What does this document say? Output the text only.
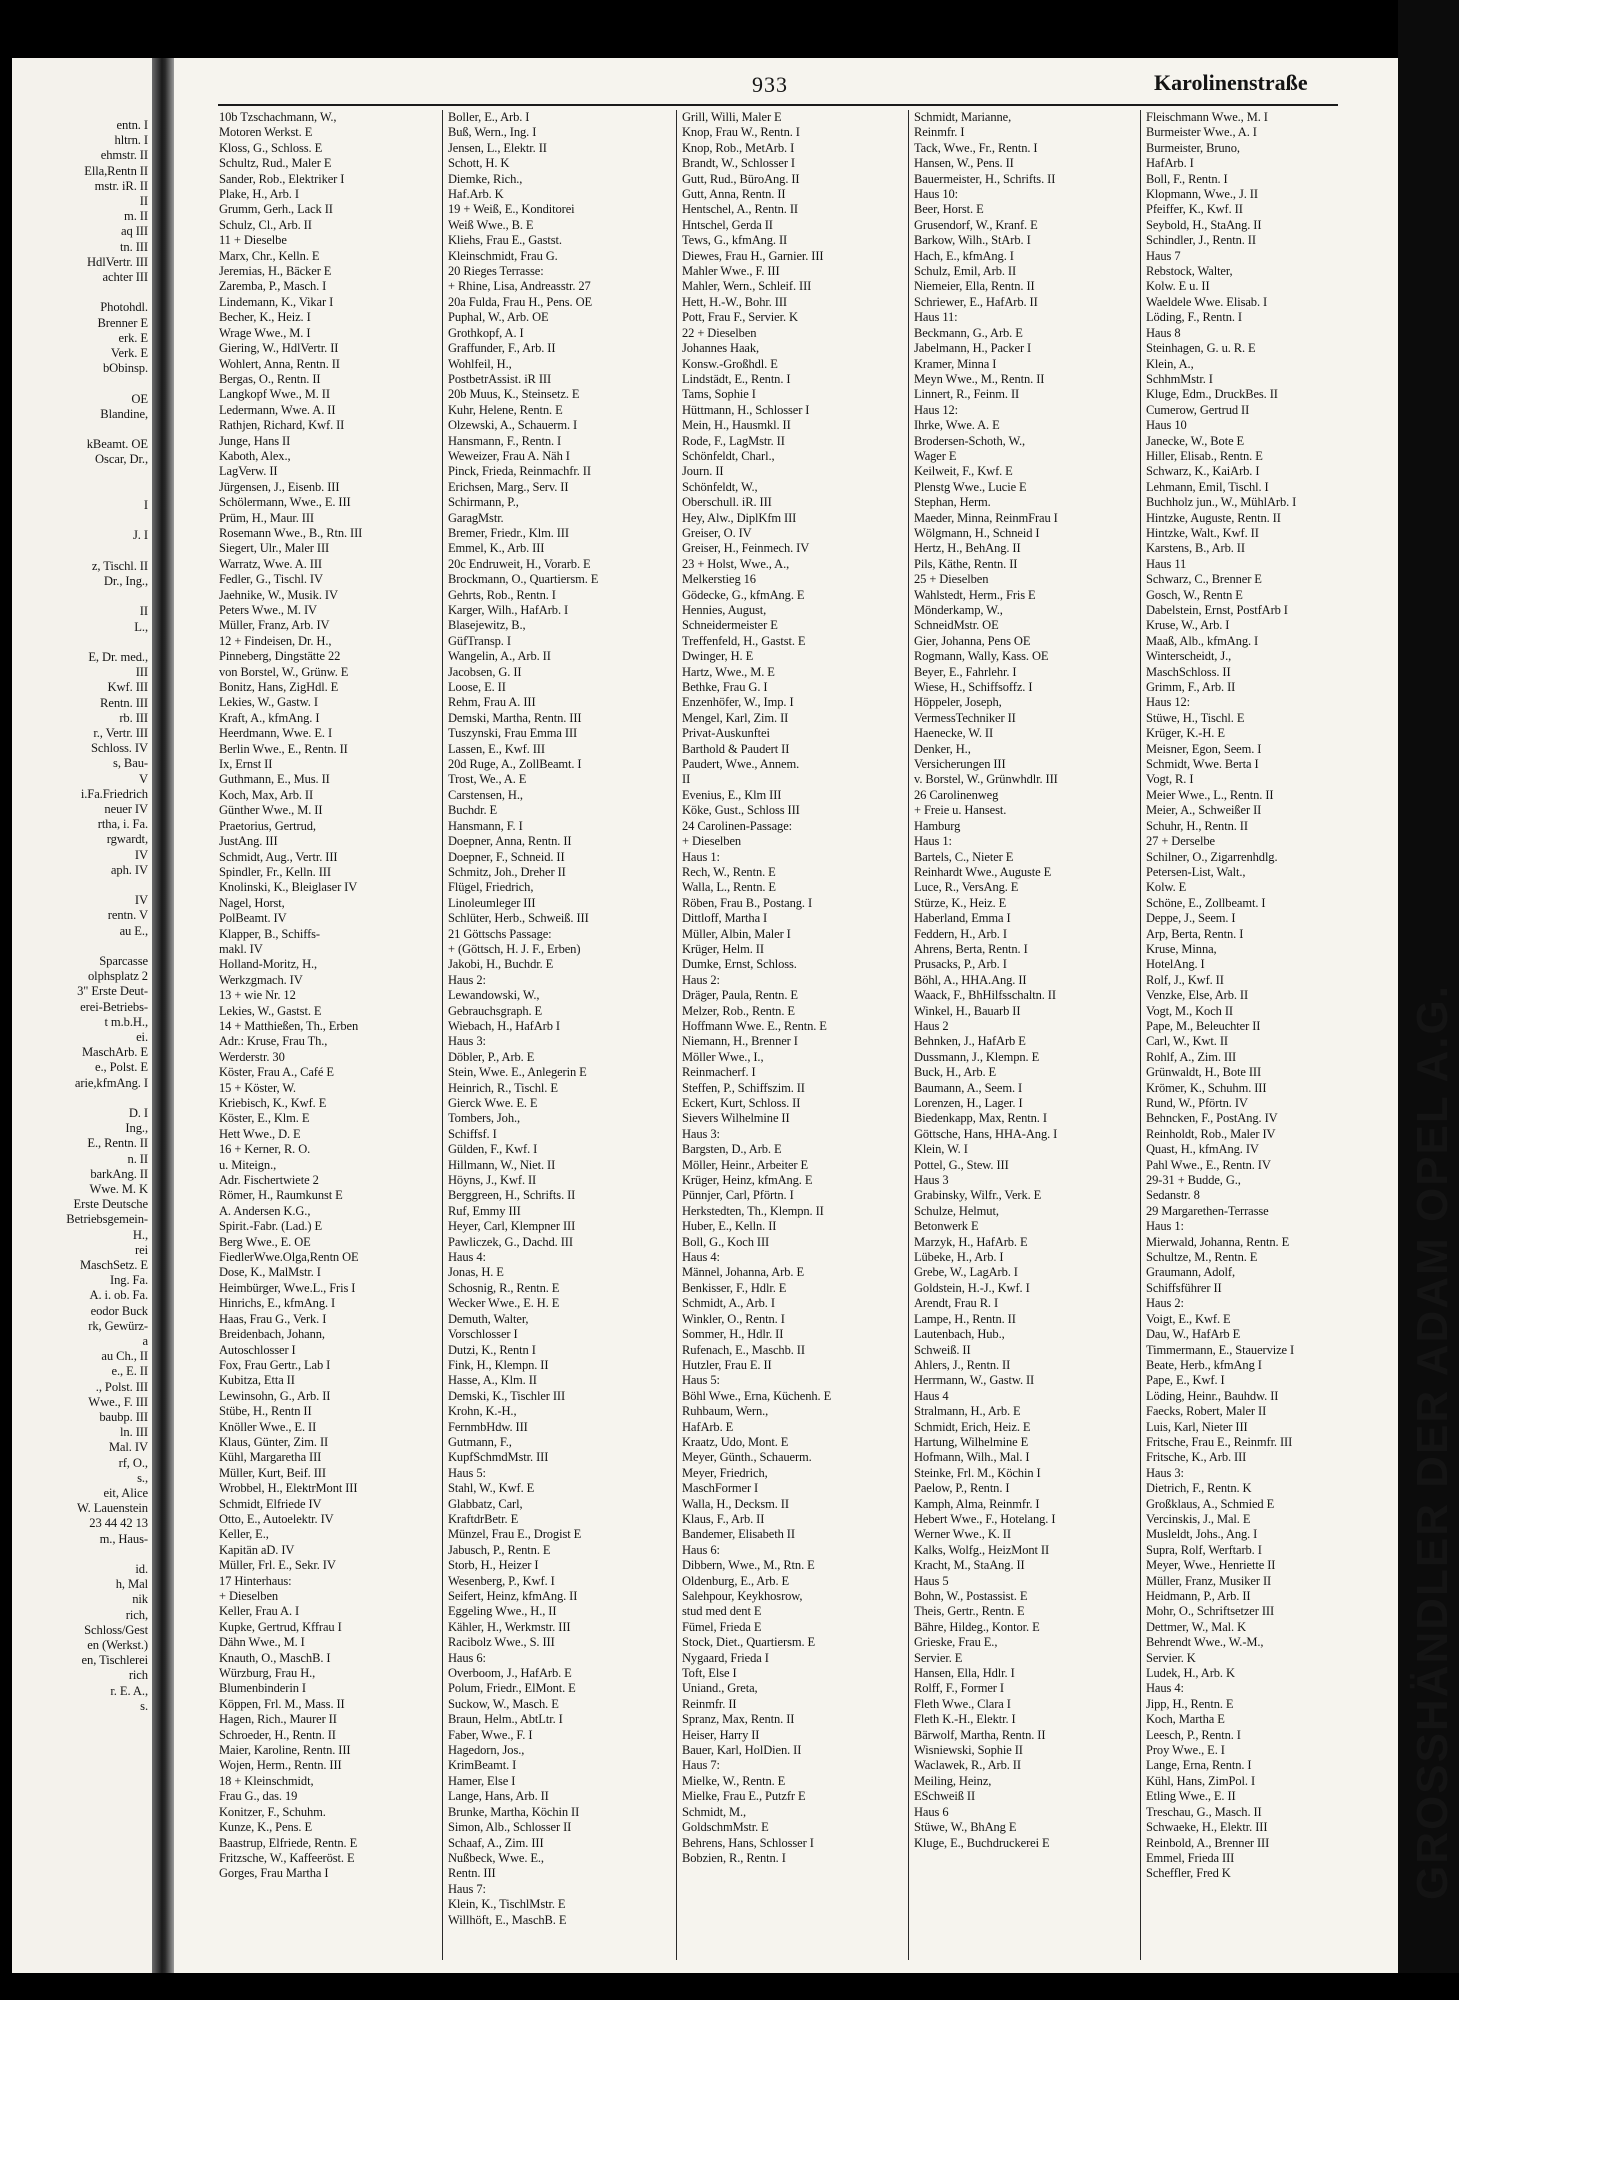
entn. I
hltrn. I
ehmstr. II
Ella,Rentn II
mstr. iR. II
II
m. II
aq III
tn. III
HdlVertr. III
achter III
Photohdl.
Brenner E
erk. E
Verk. E
bObinsp.
OE
Blandine,
kBeamt. OE
Oscar, Dr.,
I
J. I
z, Tischl. II
Dr., Ing.,
II
L.,
E, Dr. med.,
III
Kwf. III
Rentn. III
rb. III
r., Vertr. III
Schloss. IV
s, Bau-
V
i.Fa.Friedrich
neuer IV
rtha, i. Fa.
rgwardt,
IV
aph. IV
IV
rentn. V
au E.,
Sparcasse
olphsplatz 2
3" Erste Deut-
erei-Betriebs-
t m.b.H.,
ei.
MaschArb. E
e., Polst. E
arie,kfmAng. I
D. I
Ing.,
E., Rentn. II
n. II
barkAng. II
Wwe. M. K
Erste Deutsche
Betriebsgemein-
H.,
rei
MaschSetz. E
Ing. Fa.
A. i. ob. Fa.
eodor Buck
rk, Gewürz-
a
au Ch., II
e., E. II
., Polst. III
Wwe., F. III
baubp. III
ln. III
Mal. IV
rf, O.,
s.,
eit, Alice
W. Lauenstein
23 44 42 13
m., Haus-
id.
h, Mal
nik
rich,
Schloss/Gest
en (Werkst.)
en, Tischlerei
rich
r. E. A.,
s.
933	Karolinenstraße
10b Tzschachmann, W.,
Motoren Werkst. E
Kloss, G., Schloss. E
Schultz, Rud., Maler E
Sander, Rob., Elektriker I
Plake, H., Arb. I
Grumm, Gerh., Lack II
Schulz, Cl., Arb. II
11 + Dieselbe
Marx, Chr., Kelln. E
Jeremias, H., Bäcker E
Zaremba, P., Masch. I
Lindemann, K., Vikar I
Becher, K., Heiz. I
Wrage Wwe., M. I
Giering, W., HdlVertr. II
Wohlert, Anna, Rentn. II
Bergas, O., Rentn. II
Langkopf Wwe., M. II
Ledermann, Wwe. A. II
Rathjen, Richard, Kwf. II
Junge, Hans II
Kaboth, Alex.,
LagVerw. II
Jürgensen, J., Eisenb. III
Schölermann, Wwe., E. III
Prüm, H., Maur. III
Rosemann Wwe., B., Rtn. III
Siegert, Ulr., Maler III
Warratz, Wwe. A. III
Fedler, G., Tischl. IV
Jaehnike, W., Musik. IV
Peters Wwe., M. IV
Müller, Franz, Arb. IV
12 + Findeisen, Dr. H.,
Pinneberg, Dingstätte 22
von Borstel, W., Grünw. E
Bonitz, Hans, ZigHdl. E
Lekies, W., Gastw. I
Kraft, A., kfmAng. I
Heerdmann, Wwe. E. I
Berlin Wwe., E., Rentn. II
Ix, Ernst II
Guthmann, E., Mus. II
Koch, Max, Arb. II
Günther Wwe., M. II
Praetorius, Gertrud,
JustAng. III
Schmidt, Aug., Vertr. III
Spindler, Fr., Kelln. III
Knolinski, K., Bleiglaser IV
Nagel, Horst,
PolBeamt. IV
Klapper, B., Schiffs-
makl. IV
Holland-Moritz, H.,
Werkzgmach. IV
13 + wie Nr. 12
Lekies, W., Gastst. E
14 + Matthießen, Th., Erben
Adr.: Kruse, Frau Th.,
Werderstr. 30
Köster, Frau A., Café E
15 + Köster, W.
Kriebisch, K., Kwf. E
Köster, E., Klm. E
Hett Wwe., D. E
16 + Kerner, R. O.
u. Miteign.,
Adr. Fischertwiete 2
Römer, H., Raumkunst E
A. Andersen K.G.,
Spirit.-Fabr. (Lad.) E
Berg Wwe., E. OE
FiedlerWwe.Olga,Rentn OE
Dose, K., MalMstr. I
Heimbürger, Wwe.L., Fris I
Hinrichs, E., kfmAng. I
Haas, Frau G., Verk. I
Breidenbach, Johann,
Autoschlosser I
Fox, Frau Gertr., Lab I
Kubitza, Etta II
Lewinsohn, G., Arb. II
Stübe, H., Rentn II
Knöller Wwe., E. II
Klaus, Günter, Zim. II
Kühl, Margaretha III
Müller, Kurt, Beif. III
Wrobbel, H., ElektrMont III
Schmidt, Elfriede IV
Otto, E., Autoelektr. IV
Keller, E.,
Kapitän aD. IV
Müller, Frl. E., Sekr. IV
17 Hinterhaus:
+ Dieselben
Keller, Frau A. I
Kupke, Gertrud, Kffrau I
Dähn Wwe., M. I
Knauth, O., MaschB. I
Würzburg, Frau H.,
Blumenbinderin I
Köppen, Frl. M., Mass. II
Hagen, Rich., Maurer II
Schroeder, H., Rentn. II
Maier, Karoline, Rentn. III
Wojen, Herm., Rentn. III
18 + Kleinschmidt,
Frau G., das. 19
Konitzer, F., Schuhm.
Kunze, K., Pens. E
Baastrup, Elfriede, Rentn. E
Fritzsche, W., Kaffeeröst. E
Gorges, Frau Martha I
Boller, E., Arb. I
Buß, Wern., Ing. I
Jensen, L., Elektr. II
Schott, H. K
Diemke, Rich.,
Haf.Arb. K
19 + Weiß, E., Konditorei
Weiß Wwe., B. E
Kliehs, Frau E., Gastst.
Kleinschmidt, Frau G.
20 Rieges Terrasse:
+ Rhine, Lisa, Andreasstr. 27
20a Fulda, Frau H., Pens. OE
Puphal, W., Arb. OE
Grothkopf, A. I
Graffunder, F., Arb. II
Wohlfeil, H.,
PostbetrAssist. iR III
20b Muus, K., Steinsetz. E
Kuhr, Helene, Rentn. E
Olzewski, A., Schauerm. I
Hansmann, F., Rentn. I
Weweizer, Frau A. Näh I
Pinck, Frieda, Reinmachfr. II
Erichsen, Marg., Serv. II
Schirmann, P.,
GaragMstr.
Bremer, Friedr., Klm. III
Emmel, K., Arb. III
20c Endruweit, H., Vorarb. E
Brockmann, O., Quartiersm. E
Gehrts, Rob., Rentn. I
Karger, Wilh., HafArb. I
Blasejewitz, B.,
GüfTransp. I
Wangelin, A., Arb. II
Jacobsen, G. II
Loose, E. II
Rehm, Frau A. III
Demski, Martha, Rentn. III
Tuszynski, Frau Emma III
Lassen, E., Kwf. III
20d Ruge, A., ZollBeamt. I
Trost, We., A. E
Carstensen, H.,
Buchdr. E
Hansmann, F. I
Doepner, Anna, Rentn. II
Doepner, F., Schneid. II
Schmitz, Joh., Dreher II
Flügel, Friedrich,
Linoleumleger III
Schlüter, Herb., Schweiß. III
21 Göttschs Passage:
+ (Göttsch, H. J. F., Erben)
Jakobi, H., Buchdr. E
Haus 2:
Lewandowski, W.,
Gebrauchsgraph. E
Wiebach, H., HafArb I
Haus 3:
Döbler, P., Arb. E
Stein, Wwe. E., Anlegerin E
Heinrich, R., Tischl. E
Gierck Wwe. E. E
Tombers, Joh.,
Schiffsf. I
Gülden, F., Kwf. I
Hillmann, W., Niet. II
Höyns, J., Kwf. II
Berggreen, H., Schrifts. II
Ruf, Emmy III
Heyer, Carl, Klempner III
Pawliczek, G., Dachd. III
Haus 4:
Jonas, H. E
Schosnig, R., Rentn. E
Wecker Wwe., E. H. E
Demuth, Walter,
Vorschlosser I
Dutzi, K., Rentn I
Fink, H., Klempn. II
Hasse, A., Klm. II
Demski, K., Tischler III
Krohn, K.-H.,
FernmbHdw. III
Gutmann, F.,
KupfSchmdMstr. III
Haus 5:
Stahl, W., Kwf. E
Glabbatz, Carl,
KraftdrBetr. E
Münzel, Frau E., Drogist E
Jabusch, P., Rentn. E
Storb, H., Heizer I
Wesenberg, P., Kwf. I
Seifert, Heinz, kfmAng. II
Eggeling Wwe., H., II
Kähler, H., Werkmstr. III
Racibolz Wwe., S. III
Haus 6:
Overboom, J., HafArb. E
Polum, Friedr., ElMont. E
Suckow, W., Masch. E
Braun, Helm., AbtLtr. I
Faber, Wwe., F. I
Hagedorn, Jos.,
KrimBeamt. I
Hamer, Else I
Lange, Hans, Arb. II
Brunke, Martha, Köchin II
Simon, Alb., Schlosser II
Schaaf, A., Zim. III
Nußbeck, Wwe. E.,
Rentn. III
Haus 7:
Klein, K., TischlMstr. E
Willhöft, E., MaschB. E
Grill, Willi, Maler E
Knop, Frau W., Rentn. I
Knop, Rob., MetArb. I
Brandt, W., Schlosser I
Gutt, Rud., BüroAng. II
Gutt, Anna, Rentn. II
Hentschel, A., Rentn. II
Hntschel, Gerda II
Tews, G., kfmAng. II
Diewes, Frau H., Garnier. III
Mahler Wwe., F. III
Mahler, Wern., Schleif. III
Hett, H.-W., Bohr. III
Pott, Frau F., Servier. K
22 + Dieselben
Johannes Haak,
Konsw.-Großhdl. E
Lindstädt, E., Rentn. I
Tams, Sophie I
Hüttmann, H., Schlosser I
Mein, H., Hausmkl. II
Rode, F., LagMstr. II
Schönfeldt, Charl.,
Journ. II
Schönfeldt, W.,
Oberschull. iR. III
Hey, Alw., DiplKfm III
Greiser, O. IV
Greiser, H., Feinmech. IV
23 + Holst, Wwe., A.,
Melkerstieg 16
Gödecke, G., kfmAng. E
Hennies, August,
Schneidermeister E
Treffenfeld, H., Gastst. E
Dwinger, H. E
Hartz, Wwe., M. E
Bethke, Frau G. I
Enzenhöfer, W., Imp. I
Mengel, Karl, Zim. II
Privat-Auskunftei
Barthold & Paudert II
Paudert, Wwe., Annem.
II
Evenius, E., Klm III
Köke, Gust., Schloss III
24 Carolinen-Passage:
+ Dieselben
Haus 1:
Rech, W., Rentn. E
Walla, L., Rentn. E
Röben, Frau B., Postang. I
Dittloff, Martha I
Müller, Albin, Maler I
Krüger, Helm. II
Dumke, Ernst, Schloss.
Haus 2:
Dräger, Paula, Rentn. E
Melzer, Rob., Rentn. E
Hoffmann Wwe. E., Rentn. E
Niemann, H., Brenner I
Möller Wwe., I.,
Reinmacherf. I
Steffen, P., Schiffszim. II
Eckert, Kurt, Schloss. II
Sievers Wilhelmine II
Haus 3:
Bargsten, D., Arb. E
Möller, Heinr., Arbeiter E
Krüger, Heinz, kfmAng. E
Pünnjer, Carl, Pförtn. I
Herkstedten, Th., Klempn. II
Huber, E., Kelln. II
Boll, G., Koch III
Haus 4:
Männel, Johanna, Arb. E
Benkisser, F., Hdlr. E
Schmidt, A., Arb. I
Winkler, O., Rentn. I
Sommer, H., Hdlr. II
Rufenach, E., Maschb. II
Hutzler, Frau E. II
Haus 5:
Böhl Wwe., Erna, Küchenh. E
Ruhbaum, Wern.,
HafArb. E
Kraatz, Udo, Mont. E
Meyer, Günth., Schauerm.
Meyer, Friedrich,
MaschFormer I
Walla, H., Decksm. II
Klaus, F., Arb. II
Bandemer, Elisabeth II
Haus 6:
Dibbern, Wwe., M., Rtn. E
Oldenburg, E., Arb. E
Salehpour, Keykhosrow,
stud med dent E
Fümel, Frieda E
Stock, Diet., Quartiersm. E
Nygaard, Frieda I
Toft, Else I
Uniand., Greta,
Reinmfr. II
Spranz, Max, Rentn. II
Heiser, Harry II
Bauer, Karl, HolDien. II
Haus 7:
Mielke, W., Rentn. E
Mielke, Frau E., Putzfr E
Schmidt, M.,
GoldschmMstr. E
Behrens, Hans, Schlosser I
Bobzien, R., Rentn. I
Schmidt, Marianne,
Reinmfr. I
Tack, Wwe., Fr., Rentn. I
Hansen, W., Pens. II
Bauermeister, H., Schrifts. II
Haus 10:
Beer, Horst. E
Grusendorf, W., Kranf. E
Barkow, Wilh., StArb. I
Hach, E., kfmAng. I
Schulz, Emil, Arb. II
Niemeier, Ella, Rentn. II
Schriewer, E., HafArb. II
Haus 11:
Beckmann, G., Arb. E
Jabelmann, H., Packer I
Kramer, Minna I
Meyn Wwe., M., Rentn. II
Linnert, R., Feinm. II
Haus 12:
Ihrke, Wwe. A. E
Brodersen-Schoth, W.,
Wager E
Keilweit, F., Kwf. E
Plenstg Wwe., Lucie E
Stephan, Herm.
Maeder, Minna, ReinmFrau I
Wölgmann, H., Schneid I
Hertz, H., BehAng. II
Pils, Käthe, Rentn. II
25 + Dieselben
Wahlstedt, Herm., Fris E
Mönderkamp, W.,
SchneidMstr. OE
Gier, Johanna, Pens OE
Rogmann, Wally, Kass. OE
Beyer, E., Fahrlehr. I
Wiese, H., Schiffsoffz. I
Höppeler, Joseph,
VermessTechniker II
Haenecke, W. II
Denker, H.,
Versicherungen III
v. Borstel, W., Grünwhdlr. III
26 Carolinenweg
+ Freie u. Hansest.
Hamburg
Haus 1:
Bartels, C., Nieter E
Reinhardt Wwe., Auguste E
Luce, R., VersAng. E
Stürze, K., Heiz. E
Haberland, Emma I
Feddern, H., Arb. I
Ahrens, Berta, Rentn. I
Prusacks, P., Arb. I
Böhl, A., HHA.Ang. II
Waack, F., BhHilfsschaltn. II
Winkel, H., Bauarb II
Haus 2
Behnken, J., HafArb E
Dussmann, J., Klempn. E
Buck, H., Arb. E
Baumann, A., Seem. I
Lorenzen, H., Lager. I
Biedenkapp, Max, Rentn. I
Göttsche, Hans, HHA-Ang. I
Klein, W. I
Pottel, G., Stew. III
Haus 3
Grabinsky, Wilfr., Verk. E
Schulze, Helmut,
Betonwerk E
Marzyk, H., HafArb. E
Lübeke, H., Arb. I
Grebe, W., LagArb. I
Goldstein, H.-J., Kwf. I
Arendt, Frau R. I
Lampe, H., Rentn. II
Lautenbach, Hub.,
Schweiß. II
Ahlers, J., Rentn. II
Herrmann, W., Gastw. II
Haus 4
Stralmann, H., Arb. E
Schmidt, Erich, Heiz. E
Hartung, Wilhelmine E
Hofmann, Wilh., Mal. I
Steinke, Frl. M., Köchin I
Paelow, P., Rentn. I
Kamph, Alma, Reinmfr. I
Hebert Wwe., F., Hotelang. I
Werner Wwe., K. II
Kalks, Wolfg., HeizMont II
Kracht, M., StaAng. II
Haus 5
Bohn, W., Postassist. E
Theis, Gertr., Rentn. E
Bähre, Hildeg., Kontor. E
Grieske, Frau E.,
Servier. E
Hansen, Ella, Hdlr. I
Rolff, F., Former I
Fleth Wwe., Clara I
Fleth K.-H., Elektr. I
Bärwolf, Martha, Rentn. II
Wisniewski, Sophie II
Waclawek, R., Arb. II
Meiling, Heinz,
ESchweiß II
Haus 6
Stüwe, W., BhAng E
Kluge, E., Buchdruckerei E
Fleischmann Wwe., M. I
Burmeister Wwe., A. I
Burmeister, Bruno,
HafArb. I
Boll, F., Rentn. I
Klopmann, Wwe., J. II
Pfeiffer, K., Kwf. II
Seybold, H., StaAng. II
Schindler, J., Rentn. II
Haus 7
Rebstock, Walter,
Kolw. E u. II
Waeldele Wwe. Elisab. I
Löding, F., Rentn. I
Haus 8
Steinhagen, G. u. R. E
Klein, A.,
SchhmMstr. I
Kluge, Edm., DruckBes. II
Cumerow, Gertrud II
Haus 10
Janecke, W., Bote E
Hiller, Elisab., Rentn. E
Schwarz, K., KaiArb. I
Lehmann, Emil, Tischl. I
Buchholz jun., W., MühlArb. I
Hintzke, Auguste, Rentn. II
Hintzke, Walt., Kwf. II
Karstens, B., Arb. II
Haus 11
Schwarz, C., Brenner E
Gosch, W., Rentn E
Dabelstein, Ernst, PostfArb I
Kruse, W., Arb. I
Maaß, Alb., kfmAng. I
Winterscheidt, J.,
MaschSchloss. II
Grimm, F., Arb. II
Haus 12:
Stüwe, H., Tischl. E
Krüger, K.-H. E
Meisner, Egon, Seem. I
Schmidt, Wwe. Berta I
Vogt, R. I
Meier Wwe., L., Rentn. II
Meier, A., Schweißer II
Schuhr, H., Rentn. II
27 + Derselbe
Schilner, O., Zigarrenhdlg.
Petersen-List, Walt.,
Kolw. E
Schöne, E., Zollbeamt. I
Deppe, J., Seem. I
Arp, Berta, Rentn. I
Kruse, Minna,
HotelAng. I
Rolf, J., Kwf. II
Venzke, Else, Arb. II
Vogt, M., Koch II
Pape, M., Beleuchter II
Carl, W., Kwt. II
Rohlf, A., Zim. III
Grünwaldt, H., Bote III
Krömer, K., Schuhm. III
Rund, W., Pförtn. IV
Behncken, F., PostAng. IV
Reinholdt, Rob., Maler IV
Quast, H., kfmAng. IV
Pahl Wwe., E., Rentn. IV
29-31 + Budde, G.,
Sedanstr. 8
29 Margarethen-Terrasse
Haus 1:
Mierwald, Johanna, Rentn. E
Schultze, M., Rentn. E
Graumann, Adolf,
Schiffsführer II
Haus 2:
Voigt, E., Kwf. E
Dau, W., HafArb E
Timmermann, E., Stauervize I
Beate, Herb., kfmAng I
Pape, E., Kwf. I
Löding, Heinr., Bauhdw. II
Faecks, Robert, Maler II
Luis, Karl, Nieter III
Fritsche, Frau E., Reinmfr. III
Fritsche, K., Arb. III
Haus 3:
Dietrich, F., Rentn. K
Großklaus, A., Schmied E
Vercinskis, J., Mal. E
Musleldt, Johs., Ang. I
Supra, Rolf, Werftarb. I
Meyer, Wwe., Henriette II
Müller, Franz, Musiker II
Heidmann, P., Arb. II
Mohr, O., Schriftsetzer III
Dettmer, W., Mal. K
Behrendt Wwe., W.-M.,
Servier. K
Ludek, H., Arb. K
Haus 4:
Jipp, H., Rentn. E
Koch, Martha E
Leesch, P., Rentn. I
Proy Wwe., E. I
Lange, Erna, Rentn. I
Kühl, Hans, ZimPol. I
Etling Wwe., E. II
Treschau, G., Masch. II
Schwaeke, H., Elektr. III
Reinbold, A., Brenner III
Emmel, Frieda III
Scheffler, Fred K	GROSSHÄNDLER DER ADAM OPEL A.G.
